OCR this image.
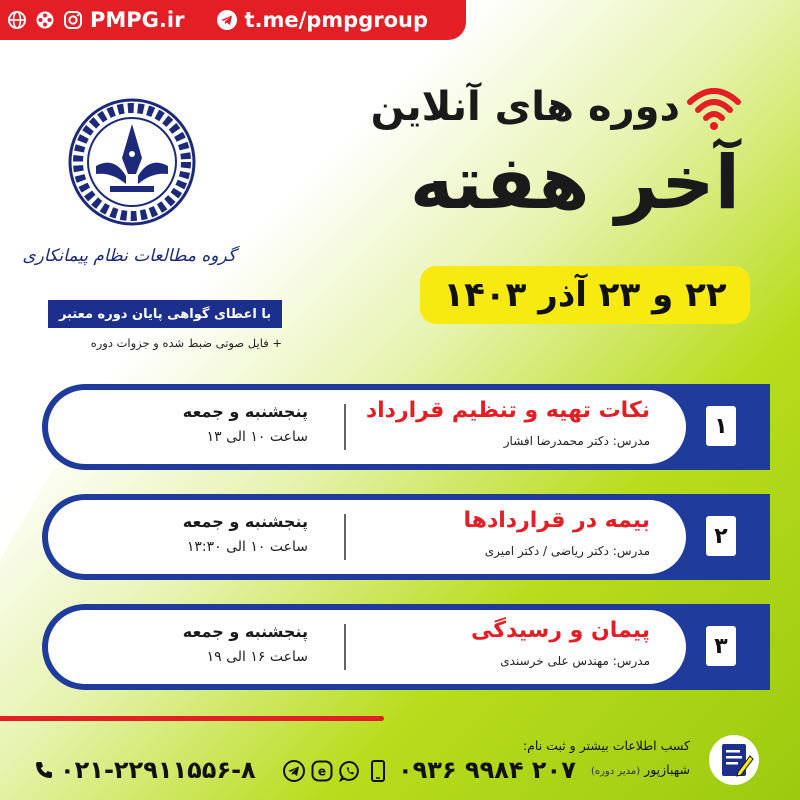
PMPG.ir	t.me/pmpgroup
دوره های آنلاین
آخر هفته
۲۲ و ۲۳ آذر ۱۴۰۳
گروه مطالعات نظام پیمانکاری
با اعطای گواهی پایان دوره معتبر
+ فایل صوتی ضبط شده و جزوات دوره
۱
نکات تهیه و تنظیم قرارداد
مدرس: دکتر محمدرضا افشار
پنجشنبه و جمعه
ساعت ۱۰ الی ۱۳
۲
بیمه در قراردادها
مدرس: دکتر ریاضی / دکتر امیری
پنجشنبه و جمعه
ساعت ۱۰ الی ۱۳:۳۰
۳
پیمان و رسیدگی
مدرس: مهندس علی خرسندی
پنجشنبه و جمعه
ساعت ۱۶ الی ۱۹
کسب اطلاعات بیشتر و ثبت نام:
شهبازپور (مدیر دوره)
۰۹۳۶ ۹۹۸۴ ۲۰۷
e
۰۲۱-۲۲۹۱۱۵۵۶-۸
